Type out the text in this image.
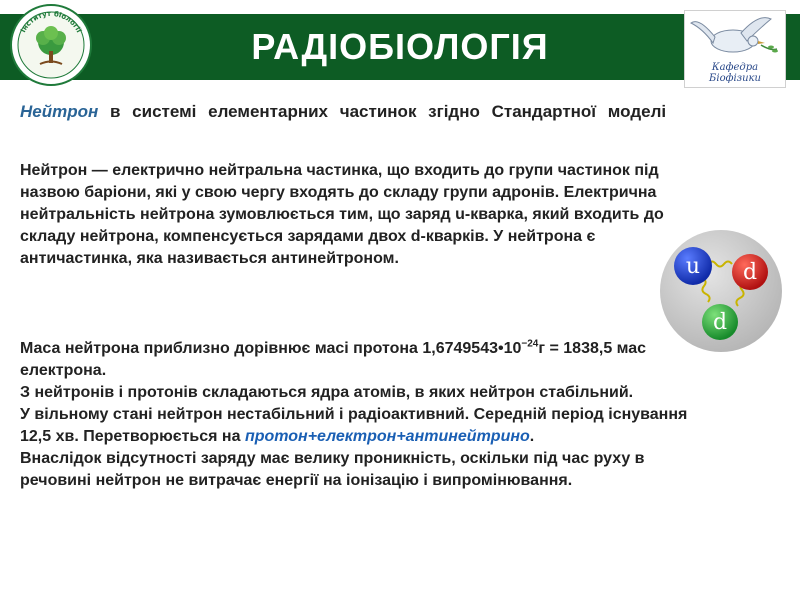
РАДІОБІОЛОГІЯ
Інститут біології
Кафедра Біофізики
Нейтрон в системі елементарних частинок згідно Стандартної моделі
Нейтрон — електрично нейтральна частинка, що входить до групи частинок під назвою баріони, які у свою чергу входять до складу групи адронів. Електрична нейтральність нейтрона зумовлюється тим, що заряд u-кварка, який входить до складу нейтрона, компенсується зарядами двох d-кварків. У нейтрона є античастинка, яка називається антинейтроном.
Маса нейтрона приблизно дорівнює масі протона $1,6749543•10^{-24}г = 1838,5$ мас електрона.
З нейтронів і протонів складаються ядра атомів, в яких нейтрон стабільний.
У вільному стані нейтрон нестабільний і радіоактивний. Середній період існування 12,5 хв. Перетворюється на протон+електрон+антинейтрино.
Внаслідок відсутності заряду має велику проникність, оскільки під час руху в речовині нейтрон не витрачає енергії на іонізацію і випромінювання.
u d
d
